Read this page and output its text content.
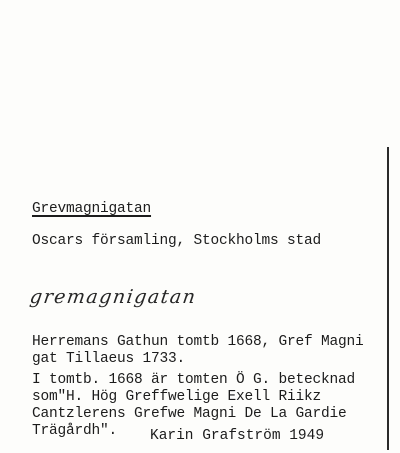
Grevmagnigatan
Oscars församling, Stockholms stad
gremagnigatan
Herremans Gathun tomtb 1668, Gref Magni
gat Tillaeus 1733.
I tomtb. 1668 är tomten Ö G. betecknad
som"H. Hög Greffwelige Exell Riikz
Cantzlerens Grefwe Magni De La Gardie
Trägårdh". Karin Grafström 1949
